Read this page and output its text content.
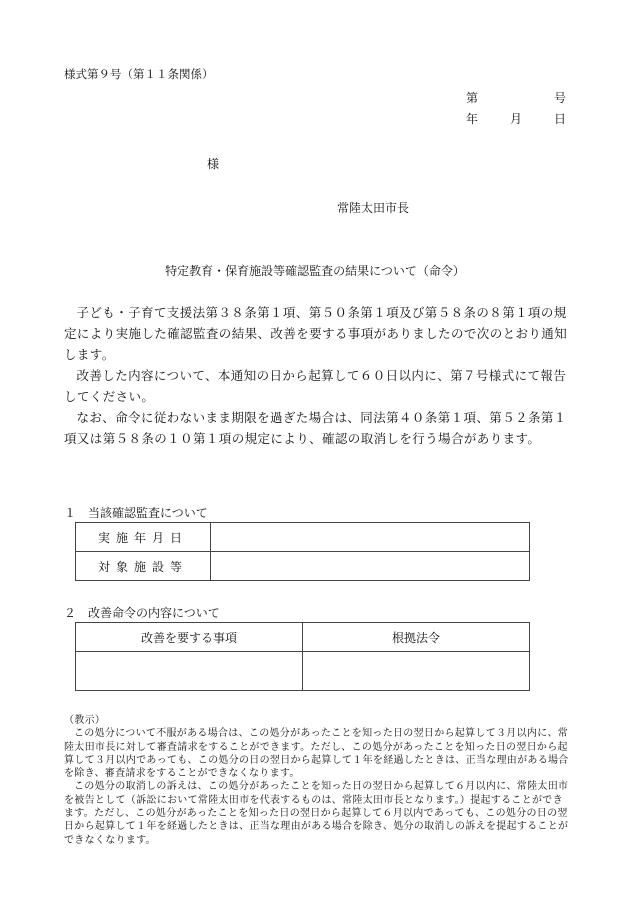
様式第９号（第１１条関係）
第	号
年	月	日
様
常陸太田市長
特定教育・保育施設等確認監査の結果について（命令）

子ども・子育て支援法第３８条第１項、第５０条第１項及び第５８条の８第１項の規定により実施した確認監査の結果、改善を要する事項がありましたので次のとおり通知します。

改善した内容について、本通知の日から起算して６０日以内に、第７号様式にて報告してください。

なお、命令に従わないまま期限を過ぎた場合は、同法第４０条第１項、第５２条第１項又は第５８条の１０第１項の規定により、確認の取消しを行う場合があります。

１　当該確認監査について
実施年月日	
対象施設等	
２　改善命令の内容について
改善を要する事項	根拠法令

（教示）

この処分について不服がある場合は、この処分があったことを知った日の翌日から起算して３月以内に、常陸太田市長に対して審査請求をすることができます。ただし、この処分があったことを知った日の翌日から起算して３月以内であっても、この処分の日の翌日から起算して１年を経過したときは、正当な理由がある場合を除き、審査請求をすることができなくなります。

この処分の取消しの訴えは、この処分があったことを知った日の翌日から起算して６月以内に、常陸太田市を被告として（訴訟において常陸太田市を代表するものは、常陸太田市長となります。）提起することができます。ただし、この処分があったことを知った日の翌日から起算して６月以内であっても、この処分の日の翌日から起算して１年を経過したときは、正当な理由がある場合を除き、処分の取消しの訴えを提起することができなくなります。
